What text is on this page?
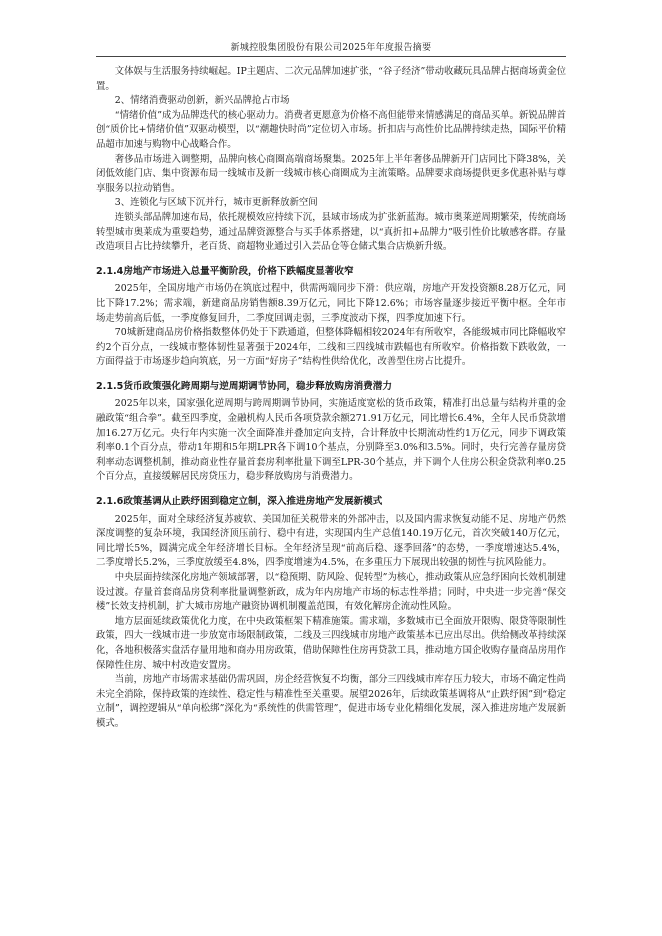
新城控股集团股份有限公司2025年年度报告摘要

文体娱与生活服务持续崛起。IP主题店、二次元品牌加速扩张，“谷子经济”带动收藏玩具品牌占据商场黄金位置。

2、情绪消费驱动创新，新兴品牌抢占市场

“情绪价值”成为品牌迭代的核心驱动力。消费者更愿意为价格不高但能带来情感满足的商品买单。新锐品牌首创“质价比+情绪价值”双驱动模型，以“潮趣快时尚”定位切入市场。折扣店与高性价比品牌持续走热，国际平价精品超市加速与购物中心战略合作。

奢侈品市场进入调整期，品牌向核心商圈高端商场聚集。2025年上半年奢侈品牌新开门店同比下降38%，关闭低效能门店、集中资源布局一线城市及新一线城市核心商圈成为主流策略。品牌要求商场提供更多优惠补贴与尊享服务以拉动销售。

3、连锁化与区域下沉并行，城市更新释放新空间

连锁头部品牌加速布局，依托规模效应持续下沉，县域市场成为扩张新蓝海。城市奥莱逆周期繁荣，传统商场转型城市奥莱成为重要趋势，通过品牌资源整合与买手体系搭建，以“真折扣+品牌力”吸引性价比敏感客群。存量改造项目占比持续攀升，老百货、商超物业通过引入芸品仓等仓储式集合店焕新升级。

2.1.4房地产市场进入总量平衡阶段，价格下跌幅度显著收窄

2025年，全国房地产市场仍在筑底过程中，供需两端同步下滑：供应端，房地产开发投资额8.28万亿元，同比下降17.2%；需求端，新建商品房销售额8.39万亿元，同比下降12.6%；市场容量逐步接近平衡中枢。全年市场走势前高后低，一季度修复回升，二季度回调走弱，三季度波动下探，四季度加速下行。

70城新建商品房价格指数整体仍处于下跌通道，但整体降幅相较2024年有所收窄，各能级城市同比降幅收窄约2个百分点，一线城市整体韧性显著强于2024年，二线和三四线城市跌幅也有所收窄。价格指数下跌收敛，一方面得益于市场逐步趋向筑底，另一方面“好房子”结构性供给优化，改善型住房占比提升。

2.1.5货币政策强化跨周期与逆周期调节协同，稳步释放购房消费潜力

2025年以来，国家强化逆周期与跨周期调节协同，实施适度宽松的货币政策，精准打出总量与结构并重的金融政策“组合拳”。截至四季度，金融机构人民币各项贷款余额271.91万亿元，同比增长6.4%，全年人民币贷款增加16.27万亿元。央行年内实施一次全面降准并叠加定向支持，合计释放中长期流动性约1万亿元，同步下调政策利率0.1个百分点，带动1年期和5年期LPR各下调10个基点，分别降至3.0%和3.5%。同时，央行完善存量房贷利率动态调整机制，推动商业性存量首套房利率批量下调至LPR-30个基点，并下调个人住房公积金贷款利率0.25个百分点，直接缓解居民房贷压力，稳步释放购房与消费潜力。

2.1.6政策基调从止跌纾困到稳定立制，深入推进房地产发展新模式

2025年，面对全球经济复苏疲软、美国加征关税带来的外部冲击，以及国内需求恢复动能不足、房地产仍然深度调整的复杂环境，我国经济顶压前行、稳中有进，实现国内生产总值140.19万亿元，首次突破140万亿元，同比增长5%，圆满完成全年经济增长目标。全年经济呈现“前高后稳、逐季回落”的态势，一季度增速达5.4%，二季度增长5.2%，三季度放缓至4.8%，四季度增速为4.5%，在多重压力下展现出较强的韧性与抗风险能力。

中央层面持续深化房地产领域部署，以“稳预期、防风险、促转型”为核心，推动政策从应急纾困向长效机制建设过渡。存量首套商品房贷利率批量调整新政，成为年内房地产市场的标志性举措；同时，中央进一步完善“保交楼”长效支持机制，扩大城市房地产融资协调机制覆盖范围，有效化解房企流动性风险。

地方层面延续政策优化力度，在中央政策框架下精准施策。需求端，多数城市已全面放开限购、限贷等限制性政策，四大一线城市进一步放宽市场限制政策，二线及三四线城市房地产政策基本已应出尽出。供给侧改革持续深化，各地积极落实盘活存量用地和商办用房政策，借助保障性住房再贷款工具，推动地方国企收购存量商品房用作保障性住房、城中村改造安置房。

当前，房地产市场需求基础仍需巩固，房企经营恢复不均衡，部分三四线城市库存压力较大，市场不确定性尚未完全消除，保持政策的连续性、稳定性与精准性至关重要。展望2026年，后续政策基调将从“止跌纾困”到“稳定立制”，调控逻辑从“单向松绑”深化为“系统性的供需管理”，促进市场专业化精细化发展，深入推进房地产发展新模式。
